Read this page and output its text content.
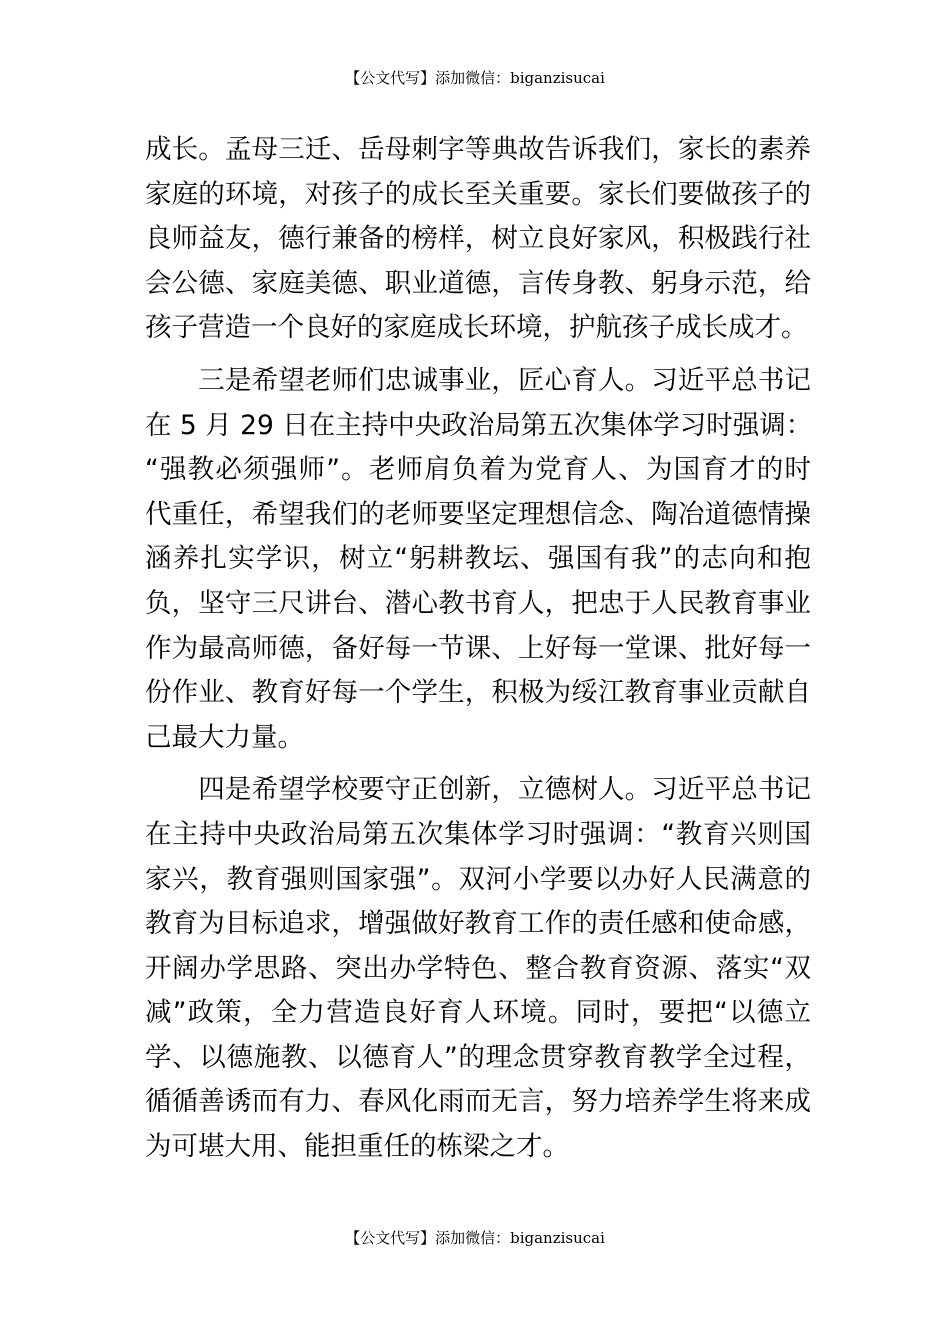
【公文代写】添加微信：biganzisucai
成长。孟母三迁、岳母刺字等典故告诉我们，家长的素养
家庭的环境，对孩子的成长至关重要。家长们要做孩子的
良师益友，德行兼备的榜样，树立良好家风，积极践行社
会公德、家庭美德、职业道德，言传身教、躬身示范，给
孩子营造一个良好的家庭成长环境，护航孩子成长成才。
　　三是希望老师们忠诚事业，匠心育人。习近平总书记
在 5 月 29 日在主持中央政治局第五次集体学习时强调：
“强教必须强师”。老师肩负着为党育人、为国育才的时
代重任，希望我们的老师要坚定理想信念、陶冶道德情操
涵养扎实学识，树立“躬耕教坛、强国有我”的志向和抱
负，坚守三尺讲台、潜心教书育人，把忠于人民教育事业
作为最高师德，备好每一节课、上好每一堂课、批好每一
份作业、教育好每一个学生，积极为绥江教育事业贡献自
己最大力量。
　　四是希望学校要守正创新，立德树人。习近平总书记
在主持中央政治局第五次集体学习时强调：“教育兴则国
家兴，教育强则国家强”。双河小学要以办好人民满意的
教育为目标追求，增强做好教育工作的责任感和使命感，
开阔办学思路、突出办学特色、整合教育资源、落实“双
减”政策，全力营造良好育人环境。同时，要把“以德立
学、以德施教、以德育人”的理念贯穿教育教学全过程，
循循善诱而有力、春风化雨而无言，努力培养学生将来成
为可堪大用、能担重任的栋梁之才。
【公文代写】添加微信：biganzisucai
